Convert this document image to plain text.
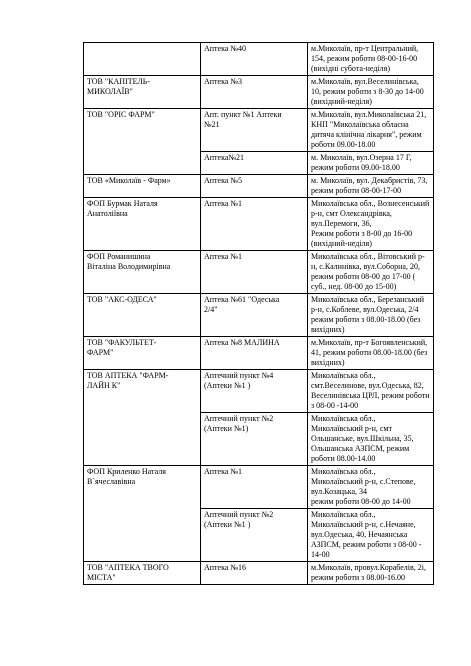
	Аптека №40	м.Миколаїв, пр-т Центральний,
154, режим роботи 08-00-16-00
(вихідні субота-неділя)

ТОВ "КАПІТЕЛЬ-
МИКОЛАЇВ"	Аптека №3	м.Миколаїв, вул.Веселинівська,
10, режим роботи з 8-30 до 14-00
(вихідний-неділя)

ТОВ "ОРІС ФАРМ"	Апт. пункт №1 Аптеки
№21	м.Миколаїв, вул.Миколаївська 21,
КНП "Миколаївська обласна
дитяча клінічна лікарня", режим
роботи 09.00-18.00

	Аптека№21	м. Миколаїв, вул.Озерна 17 Г,
режим роботи 09.00-18.00

ТОВ «Миколаїв - Фарм»	Аптека №5	м. Миколаїв, вул. Декабристів, 73,
режим роботи 08-00-17-00

ФОП Бурмак Наталя
Анатоліївна	Аптека №1	Миколаївська обл., Вознесенський
р-н, смт Олександрівка,
вул.Перемоги, 36,
Режим роботи з 8-00 до 16-00
(вихідний-неділя)

ФОП Романишина
Віталіна Володимирівна	Аптека №1	Миколаївська обл., Вітовський р-
н, с.Калинівка, вул.Соборна, 20,
режим роботи 08-00 до 17-00 (
суб., нед. 08-00 до 15-00)

ТОВ "АКС-ОДЕСА"	Аптека №61 "Одеська
2/4"	Миколаївська обл., Березанський
р-н, с.Коблеве, вул.Одеська, 2/4
режим роботи з 08.00-18.00 (без
вихідних)

ТОВ "ФАКУЛЬТЕТ-
ФАРМ"	Аптека №8 МАЛИНА	м.Миколаїв, пр-т Богоявленський,
41, режим роботи 08.00-18.00 (без
вихідних)

ТОВ АПТЕКА "ФАРМ-
ЛАЙН К"	Аптечний пункт №4
(Аптеки №1 )	Миколаївська обл.,
смт.Веселинове, вул.Одеська, 82,
Веселинівська ЦРЛ, режим роботи
з 08-00 -14-00

	Аптечний пункт №2
(Аптеки №1)	Миколаївська обл.,
Миколаївський р-н, смт
Ольшанське, вул.Шкільна, 35,
Ольшанська АЗПСМ, режим
роботи 08.00-14.00

ФОП Криленко Наталя
В`ячеславівна	Аптека №1	Миколаївська обл.,
Миколаївський р-н, с.Степове,
вул.Козацька, 34
режим роботи 08-00 до 14-00

	Аптечний пункт №2
(Аптеки №1 )	Миколаївська обл.,
Миколаївський р-н, с.Нечаяне,
вул.Одеська, 40, Нечаянська
АЗПСМ, режим роботи з 08-00 -
14-00

ТОВ "АПТЕКА ТВОГО
МІСТА"	Аптека №16	м.Миколаїв, провул.Корабелів, 2і,
режим роботи з 08.00-16.00
